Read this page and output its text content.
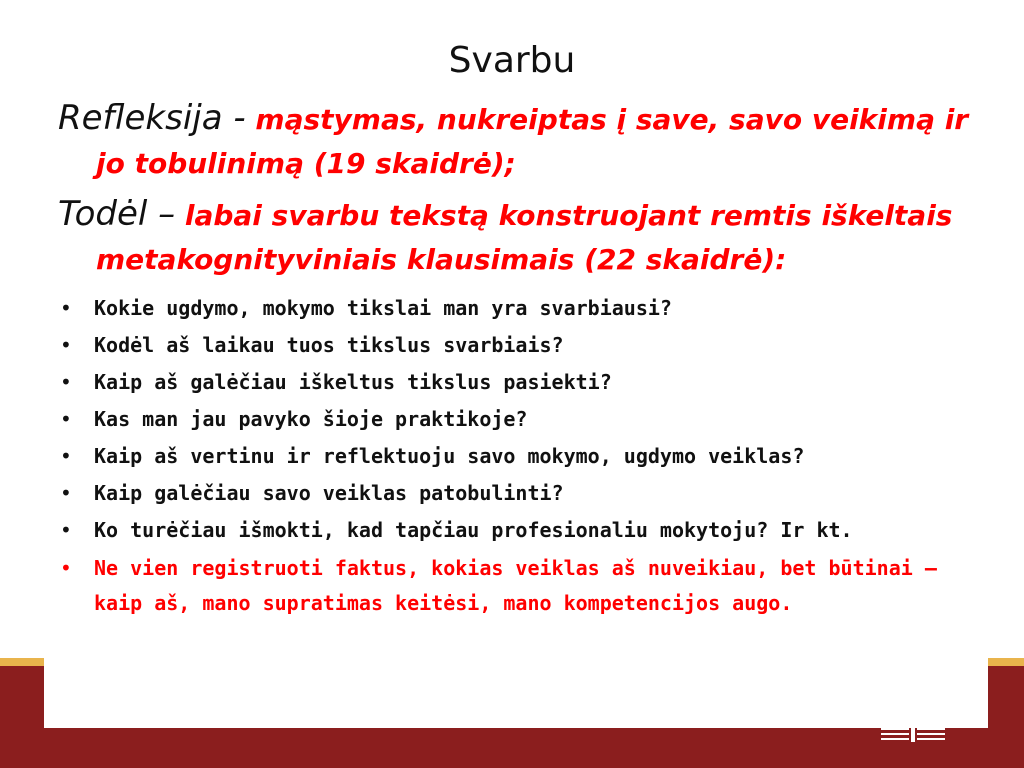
Svarbu
Refleksija - mąstymas, nukreiptas į save, savo veikimą ir jo tobulinimą (19 skaidrė);
Todėl – labai svarbu tekstą konstruojant remtis iškeltais metakognityviniais klausimais (22 skaidrė):
• Kokie ugdymo, mokymo tikslai man yra svarbiausi?
• Kodėl aš laikau tuos tikslus svarbiais?
• Kaip aš galėčiau iškeltus tikslus pasiekti?
• Kas man jau pavyko šioje praktikoje?
• Kaip aš vertinu ir reflektuoju savo mokymo, ugdymo veiklas?
• Kaip galėčiau savo veiklas patobulinti?
• Ko turėčiau išmokti, kad tapčiau profesionaliu mokytoju? Ir kt.
• Ne vien registruoti faktus, kokias veiklas aš nuveikiau, bet būtinai – kaip aš, mano supratimas keitėsi, mano kompetencijos augo.
